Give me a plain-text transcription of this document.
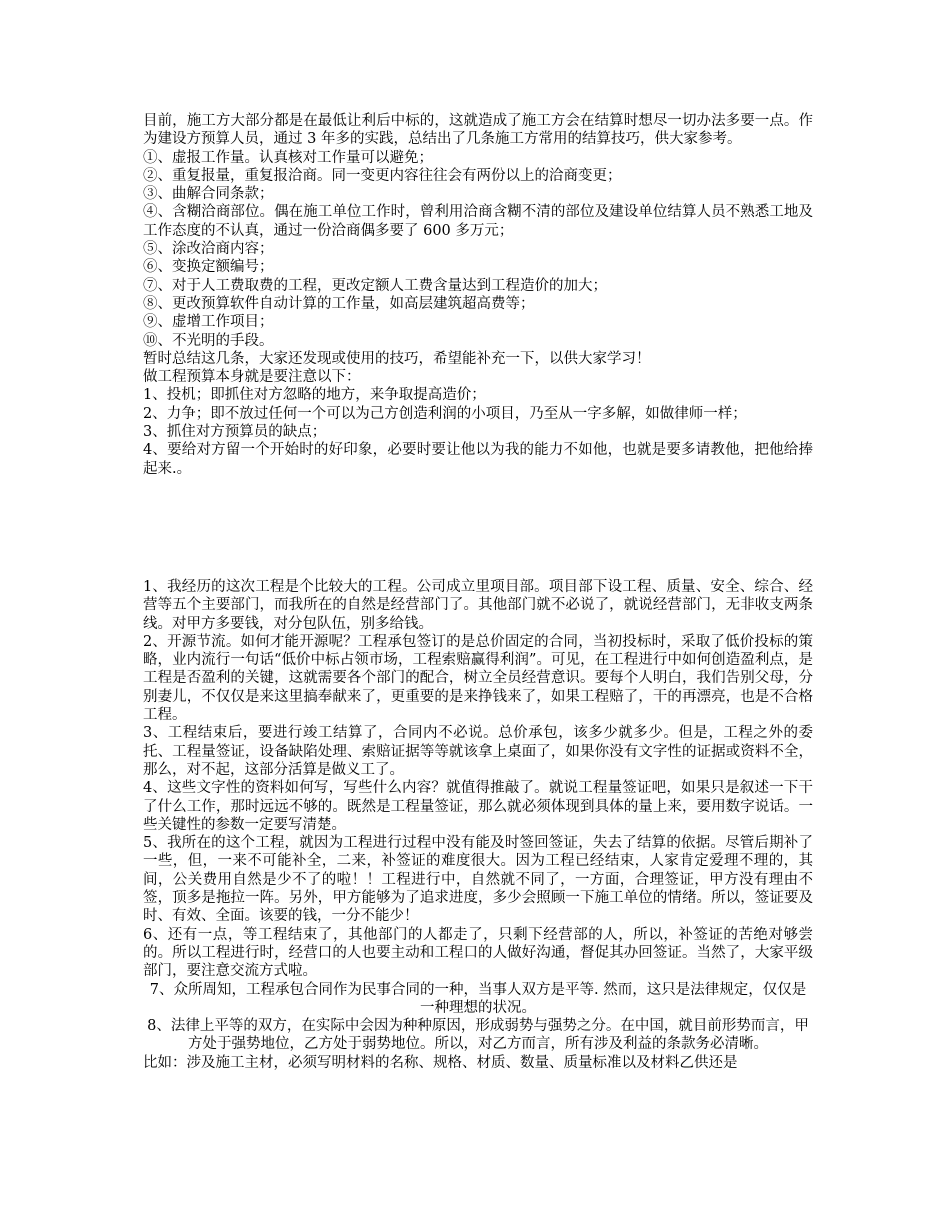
目前，施工方大部分都是在最低让利后中标的，这就造成了施工方会在结算时想尽一切办法多要一点。作为建设方预算人员，通过 3 年多的实践，总结出了几条施工方常用的结算技巧，供大家参考。

①、虚报工作量。认真核对工作量可以避免；

②、重复报量，重复报洽商。同一变更内容往往会有两份以上的洽商变更；

③、曲解合同条款；

④、含糊洽商部位。偶在施工单位工作时，曾利用洽商含糊不清的部位及建设单位结算人员不熟悉工地及工作态度的不认真，通过一份洽商偶多要了 600 多万元；

⑤、涂改洽商内容；

⑥、变换定额编号；

⑦、对于人工费取费的工程，更改定额人工费含量达到工程造价的加大；

⑧、更改预算软件自动计算的工作量，如高层建筑超高费等；

⑨、虚增工作项目；

⑩、不光明的手段。

暂时总结这几条，大家还发现或使用的技巧，希望能补充一下，以供大家学习！

做工程预算本身就是要注意以下：

1、投机；即抓住对方忽略的地方，来争取提高造价；

2、力争；即不放过任何一个可以为己方创造利润的小项目，乃至从一字多解，如做律师一样；

3、抓住对方预算员的缺点；

4、要给对方留一个开始时的好印象，必要时要让他以为我的能力不如他，也就是要多请教他，把他给捧起来.。

1、我经历的这次工程是个比较大的工程。公司成立里项目部。项目部下设工程、质量、安全、综合、经营等五个主要部门，而我所在的自然是经营部门了。其他部门就不必说了，就说经营部门，无非收支两条线。对甲方多要钱，对分包队伍，别多给钱。

2、开源节流。如何才能开源呢？工程承包签订的是总价固定的合同，当初投标时，采取了低价投标的策略，业内流行一句话“低价中标占领市场，工程索赔赢得利润”。可见，在工程进行中如何创造盈利点，是工程是否盈利的关键，这就需要各个部门的配合，树立全员经营意识。要每个人明白，我们告别父母，分别妻儿，不仅仅是来这里搞奉献来了，更重要的是来挣钱来了，如果工程赔了，干的再漂亮，也是不合格工程。

3、工程结束后，要进行竣工结算了，合同内不必说。总价承包，该多少就多少。但是，工程之外的委托、工程量签证，设备缺陷处理、索赔证据等等就该拿上桌面了，如果你没有文字性的证据或资料不全，那么，对不起，这部分活算是做义工了。

4、这些文字性的资料如何写，写些什么内容？就值得推敲了。就说工程量签证吧，如果只是叙述一下干了什么工作，那时远远不够的。既然是工程量签证，那么就必须体现到具体的量上来，要用数字说话。一些关键性的参数一定要写清楚。

5、我所在的这个工程，就因为工程进行过程中没有能及时签回签证，失去了结算的依据。尽管后期补了一些，但，一来不可能补全，二来，补签证的难度很大。因为工程已经结束，人家肯定爱理不理的，其间，公关费用自然是少不了的啦！！工程进行中，自然就不同了，一方面，合理签证，甲方没有理由不签，顶多是拖拉一阵。另外，甲方能够为了追求进度，多少会照顾一下施工单位的情绪。所以，签证要及时、有效、全面。该要的钱，一分不能少！

6、还有一点，等工程结束了，其他部门的人都走了，只剩下经营部的人，所以，补签证的苦绝对够尝的。所以工程进行时，经营口的人也要主动和工程口的人做好沟通，督促其办回签证。当然了，大家平级部门，要注意交流方式啦。

7、众所周知，工程承包合同作为民事合同的一种，当事人双方是平等. 然而，这只是法律规定，仅仅是一种理想的状况。

8、法律上平等的双方，在实际中会因为种种原因，形成弱势与强势之分。在中国，就目前形势而言，甲方处于强势地位，乙方处于弱势地位。所以，对乙方而言，所有涉及利益的条款务必清晰。

比如：涉及施工主材，必须写明材料的名称、规格、材质、数量、质量标准以及材料乙供还是
